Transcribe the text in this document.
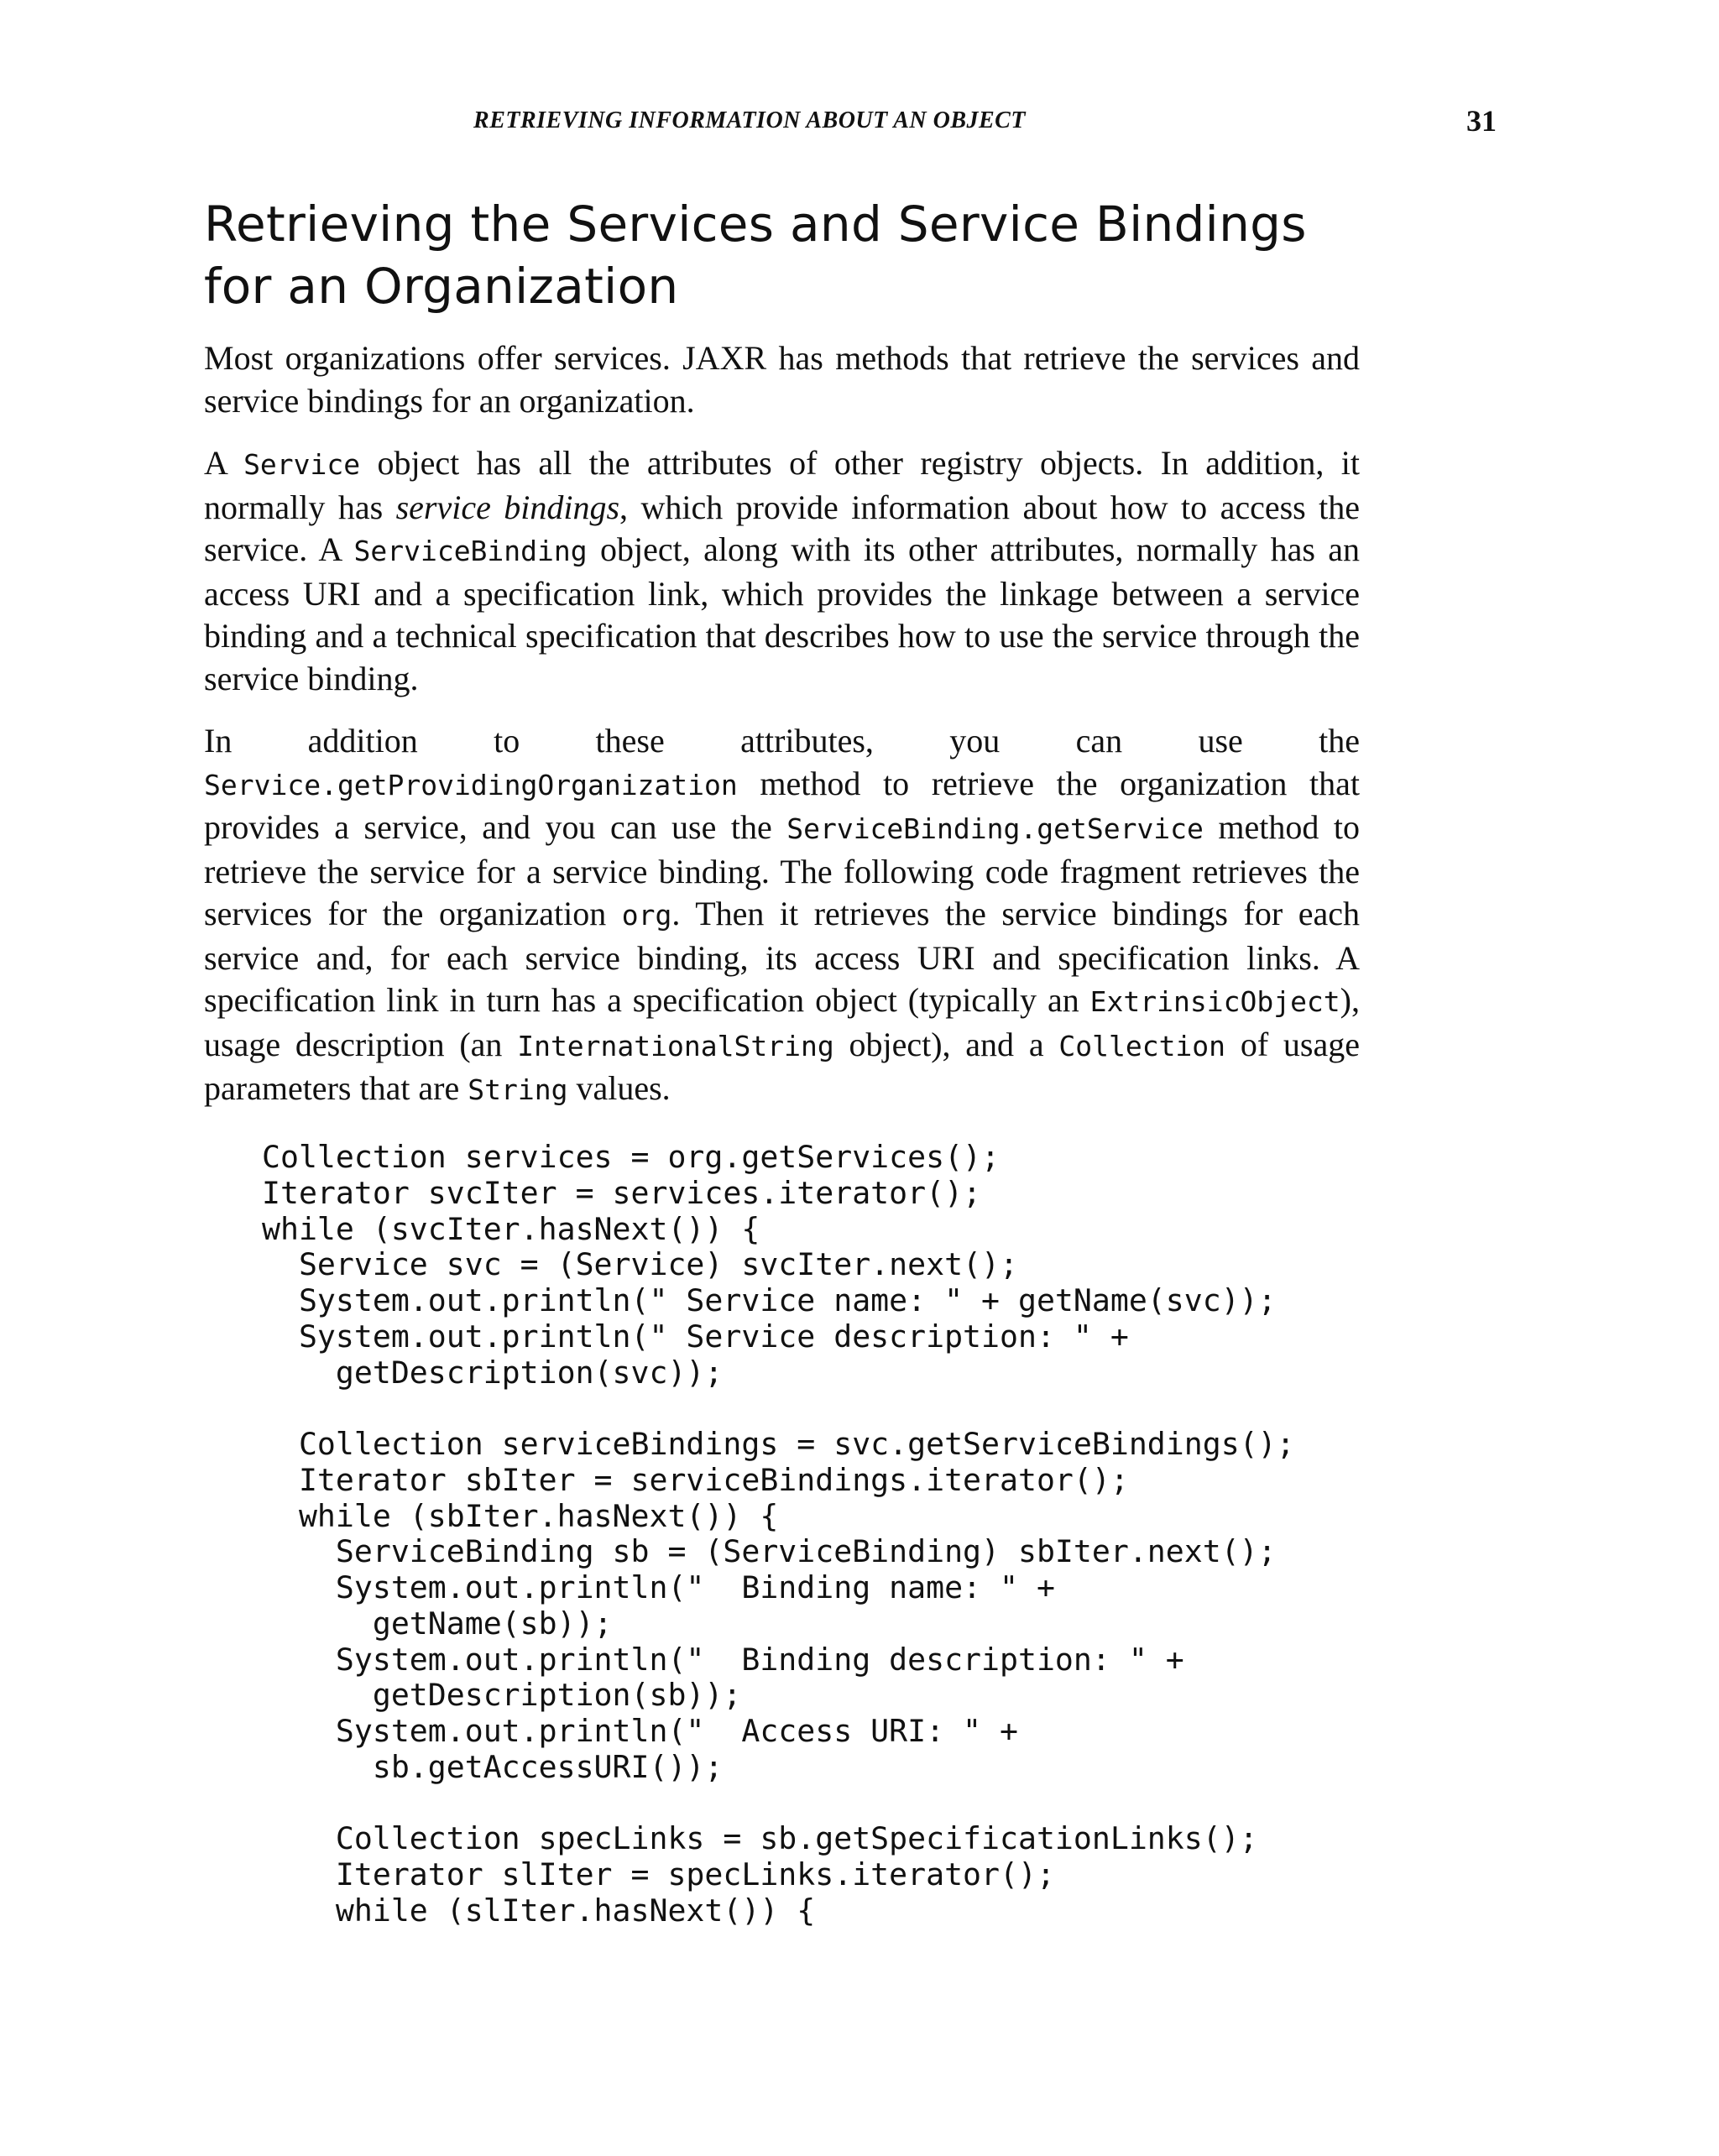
RETRIEVING INFORMATION ABOUT AN OBJECT	31
Retrieving the Services and Service Bindings for an Organization

Most organizations offer services. JAXR has methods that retrieve the services and service bindings for an organization.

A Service object has all the attributes of other registry objects. In addition, it normally has service bindings, which provide information about how to access the service. A ServiceBinding object, along with its other attributes, normally has an access URI and a specification link, which provides the linkage between a service binding and a technical specification that describes how to use the service through the service binding.

In addition to these attributes, you can use the Service.getProvidingOrganization method to retrieve the organization that provides a service, and you can use the ServiceBinding.getService method to retrieve the service for a service binding. The following code fragment retrieves the services for the organization org. Then it retrieves the service bindings for each service and, for each service binding, its access URI and specification links. A specification link in turn has a specification object (typically an ExtrinsicObject), usage description (an InternationalString object), and a Collection of usage parameters that are String values.

Collection services = org.getServices();
Iterator svcIter = services.iterator();
while (svcIter.hasNext()) {
Service svc = (Service) svcIter.next();
System.out.println(" Service name: " + getName(svc));
System.out.println(" Service description: " +
getDescription(svc));

Collection serviceBindings = svc.getServiceBindings();
Iterator sbIter = serviceBindings.iterator();
while (sbIter.hasNext()) {
ServiceBinding sb = (ServiceBinding) sbIter.next();
System.out.println("  Binding name: " +
getName(sb));
System.out.println("  Binding description: " +
getDescription(sb));
System.out.println("  Access URI: " +
sb.getAccessURI());

Collection specLinks = sb.getSpecificationLinks();
Iterator slIter = specLinks.iterator();
while (slIter.hasNext()) {
